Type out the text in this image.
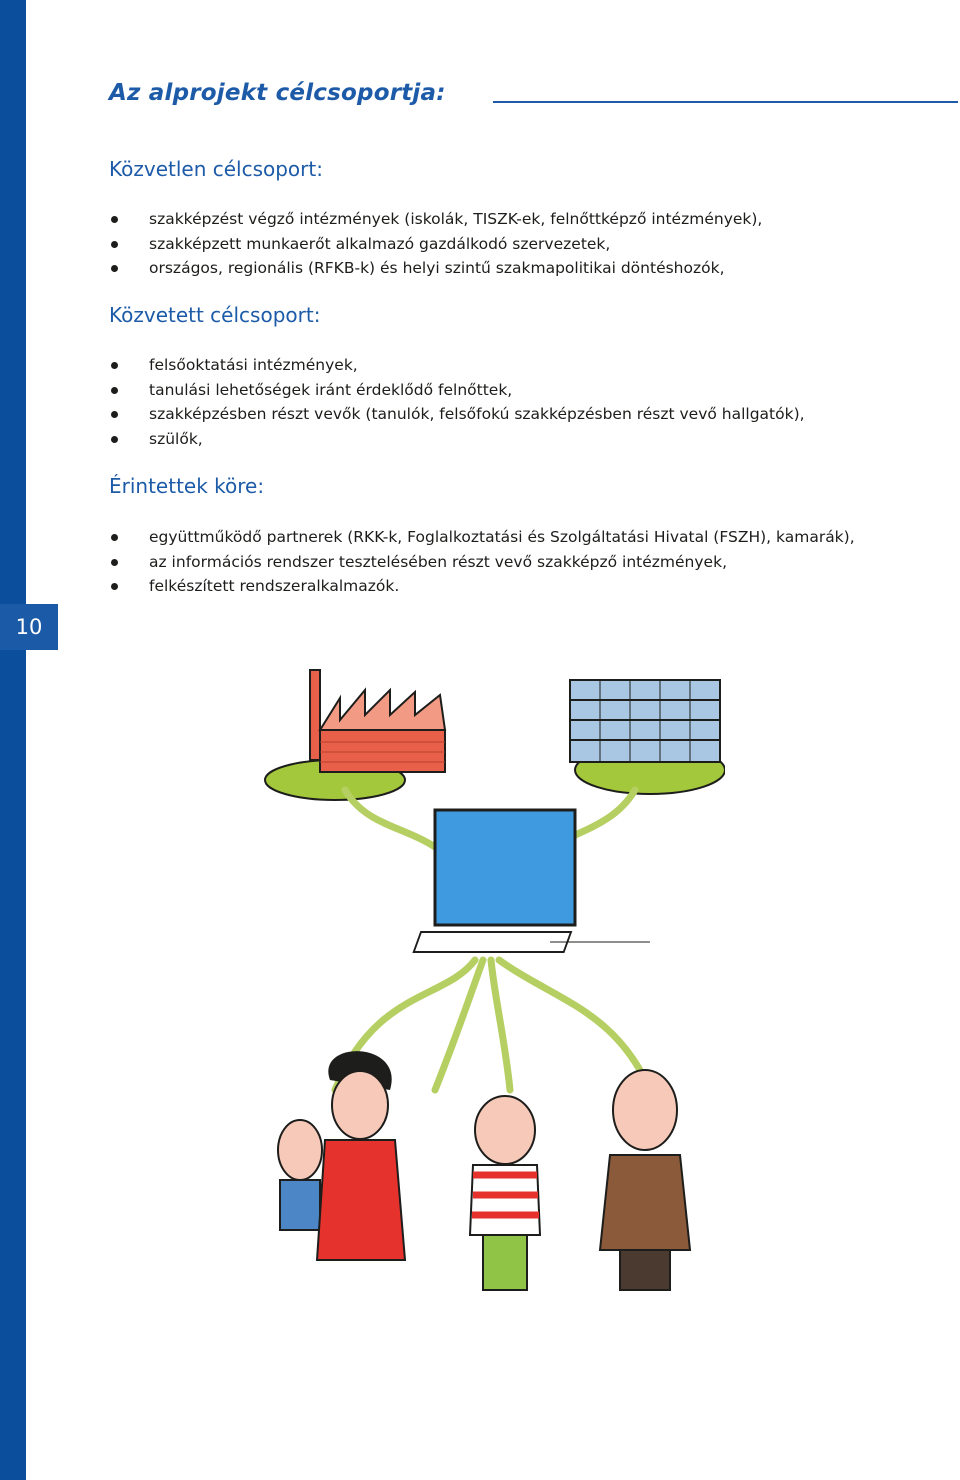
10
Az alprojekt célcsoportja:
Közvetlen célcsoport:
szakképzést végző intézmények (iskolák, TISZK-ek, felnőttképző intézmények),
szakképzett munkaerőt alkalmazó gazdálkodó szervezetek,
országos, regionális (RFKB-k) és helyi szintű szakmapolitikai döntéshozók,
Közvetett célcsoport:
felsőoktatási intézmények,
tanulási lehetőségek iránt érdeklődő felnőttek,
szakképzésben részt vevők (tanulók, felsőfokú szakképzésben részt vevő hallgatók),
szülők,
Érintettek köre:
együttműködő partnerek (RKK-k, Foglalkoztatási és Szolgáltatási Hivatal (FSZH), kamarák),
az információs rendszer tesztelésében részt vevő szakképző intézmények,
felkészített rendszeralkalmazók.
